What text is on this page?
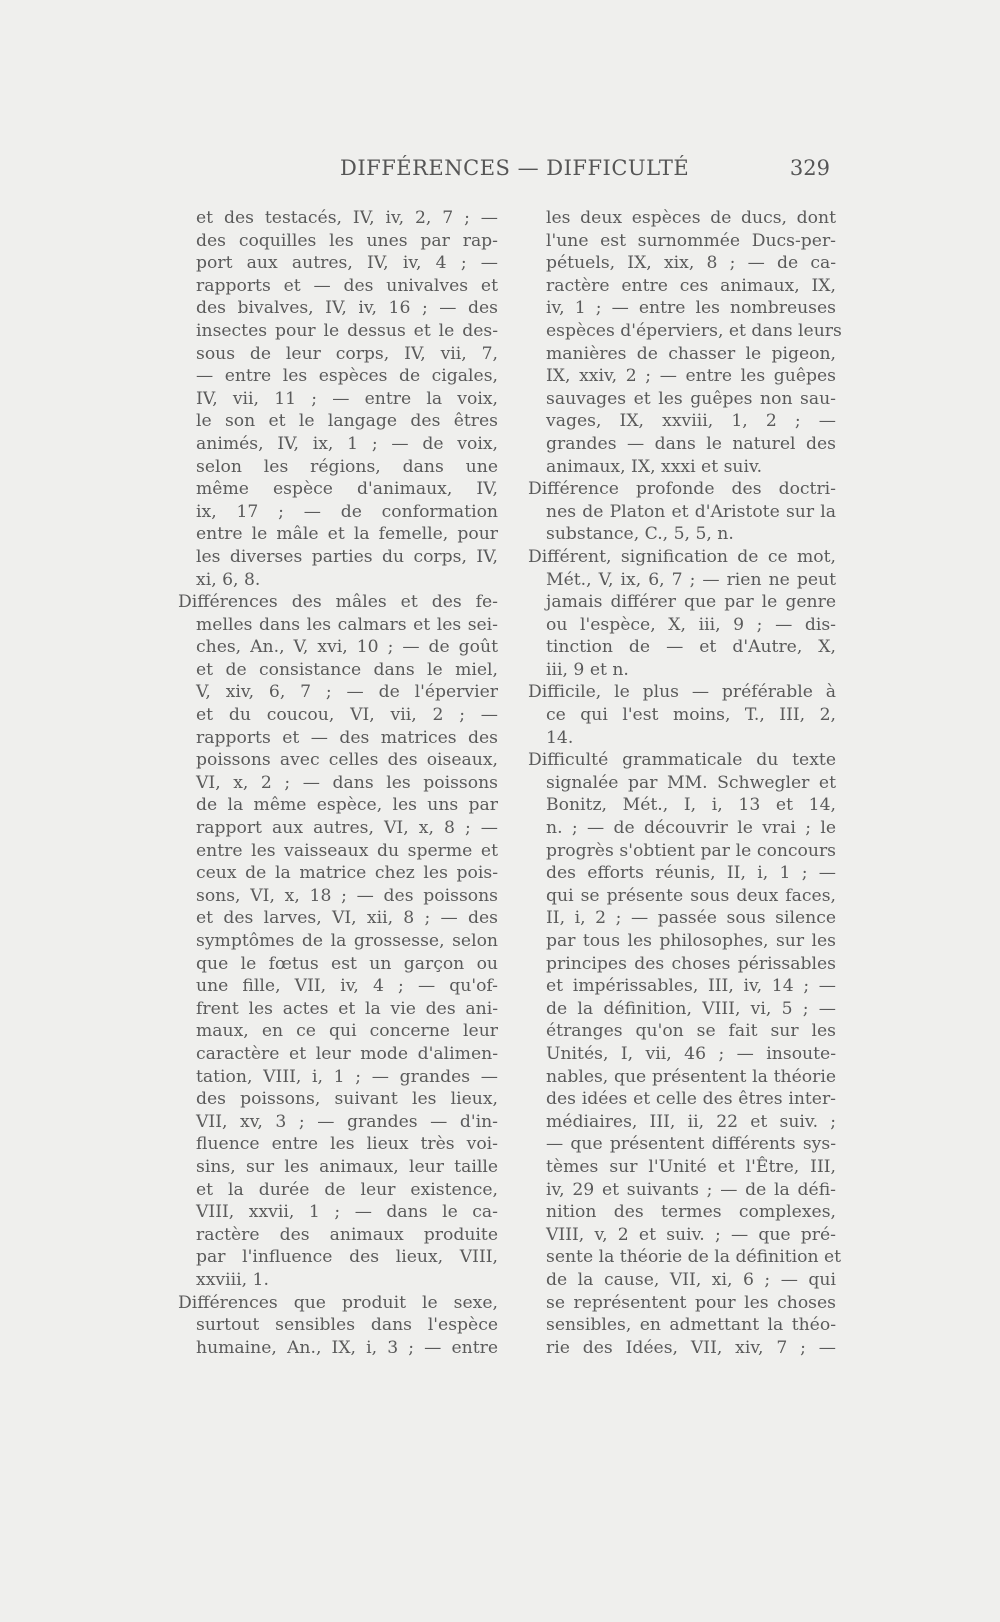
DIFFÉRENCES — DIFFICULTÉ	329
et des testacés, IV, iv, 2, 7 ; —
des coquilles les unes par rap-
port aux autres, IV, iv, 4 ; —
rapports et — des univalves et
des bivalves, IV, iv, 16 ; — des
insectes pour le dessus et le des-
sous de leur corps, IV, vii, 7,
— entre les espèces de cigales,
IV, vii, 11 ; — entre la voix,
le son et le langage des êtres
animés, IV, ix, 1 ; — de voix,
selon les régions, dans une
même espèce d'animaux, IV,
ix, 17 ; — de conformation
entre le mâle et la femelle, pour
les diverses parties du corps, IV,
xi, 6, 8.
Différences des mâles et des fe-
melles dans les calmars et les sei-
ches, An., V, xvi, 10 ; — de goût
et de consistance dans le miel,
V, xiv, 6, 7 ; — de l'épervier
et du coucou, VI, vii, 2 ; —
rapports et — des matrices des
poissons avec celles des oiseaux,
VI, x, 2 ; — dans les poissons
de la même espèce, les uns par
rapport aux autres, VI, x, 8 ; —
entre les vaisseaux du sperme et
ceux de la matrice chez les pois-
sons, VI, x, 18 ; — des poissons
et des larves, VI, xii, 8 ; — des
symptômes de la grossesse, selon
que le fœtus est un garçon ou
une fille, VII, iv, 4 ; — qu'of-
frent les actes et la vie des ani-
maux, en ce qui concerne leur
caractère et leur mode d'alimen-
tation, VIII, i, 1 ; — grandes —
des poissons, suivant les lieux,
VII, xv, 3 ; — grandes — d'in-
fluence entre les lieux très voi-
sins, sur les animaux, leur taille
et la durée de leur existence,
VIII, xxvii, 1 ; — dans le ca-
ractère des animaux produite
par l'influence des lieux, VIII,
xxviii, 1.
Différences que produit le sexe,
surtout sensibles dans l'espèce
humaine, An., IX, i, 3 ; — entre
les deux espèces de ducs, dont
l'une est surnommée Ducs-per-
pétuels, IX, xix, 8 ; — de ca-
ractère entre ces animaux, IX,
iv, 1 ; — entre les nombreuses
espèces d'éperviers, et dans leurs
manières de chasser le pigeon,
IX, xxiv, 2 ; — entre les guêpes
sauvages et les guêpes non sau-
vages, IX, xxviii, 1, 2 ; —
grandes — dans le naturel des
animaux, IX, xxxi et suiv.
Différence profonde des doctri-
nes de Platon et d'Aristote sur la
substance, C., 5, 5, n.
Différent, signification de ce mot,
Mét., V, ix, 6, 7 ; — rien ne peut
jamais différer que par le genre
ou l'espèce, X, iii, 9 ; — dis-
tinction de — et d'Autre, X,
iii, 9 et n.
Difficile, le plus — préférable à
ce qui l'est moins, T., III, 2,
14.
Difficulté grammaticale du texte
signalée par MM. Schwegler et
Bonitz, Mét., I, i, 13 et 14,
n. ; — de découvrir le vrai ; le
progrès s'obtient par le concours
des efforts réunis, II, i, 1 ; —
qui se présente sous deux faces,
II, i, 2 ; — passée sous silence
par tous les philosophes, sur les
principes des choses périssables
et impérissables, III, iv, 14 ; —
de la définition, VIII, vi, 5 ; —
étranges qu'on se fait sur les
Unités, I, vii, 46 ; — insoute-
nables, que présentent la théorie
des idées et celle des êtres inter-
médiaires, III, ii, 22 et suiv. ;
— que présentent différents sys-
tèmes sur l'Unité et l'Être, III,
iv, 29 et suivants ; — de la défi-
nition des termes complexes,
VIII, v, 2 et suiv. ; — que pré-
sente la théorie de la définition et
de la cause, VII, xi, 6 ; — qui
se représentent pour les choses
sensibles, en admettant la théo-
rie des Idées, VII, xiv, 7 ; —
